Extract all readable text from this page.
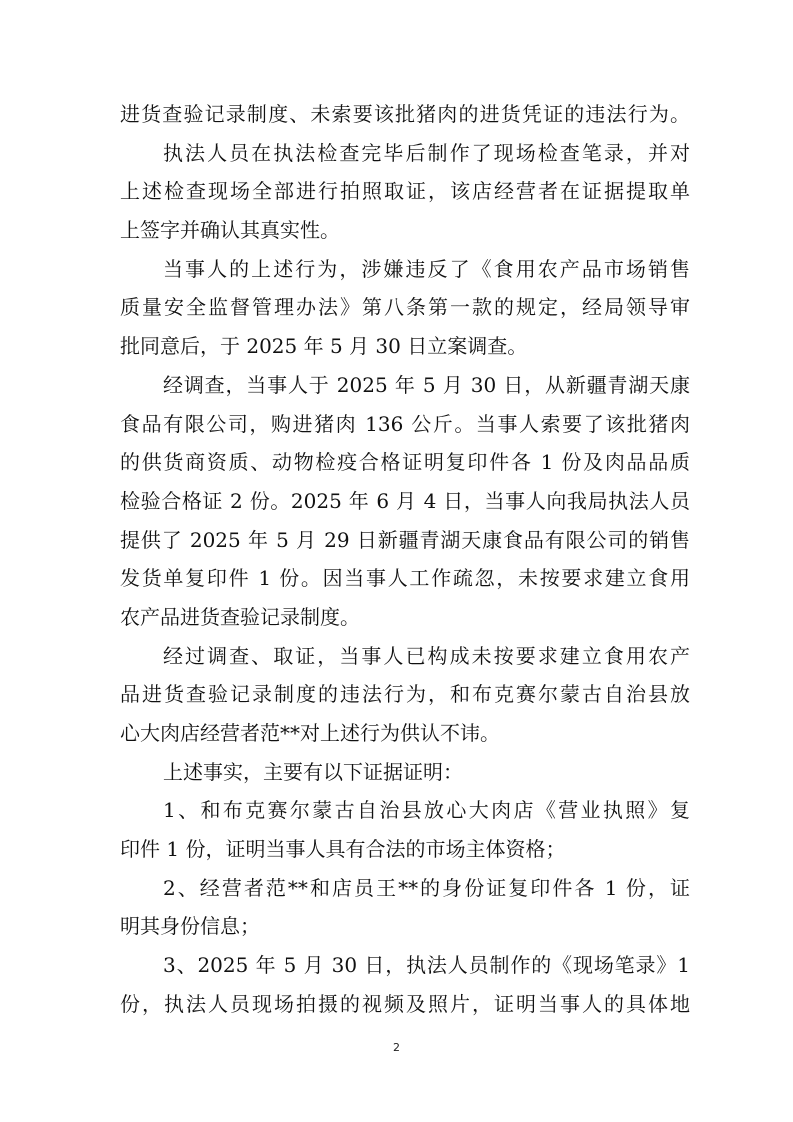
进货查验记录制度、未索要该批猪肉的进货凭证的违法行为。
执法人员在执法检查完毕后制作了现场检查笔录，并对
上述检查现场全部进行拍照取证，该店经营者在证据提取单
上签字并确认其真实性。
当事人的上述行为，涉嫌违反了《食用农产品市场销售
质量安全监督管理办法》第八条第一款的规定，经局领导审
批同意后，于 2025 年 5 月 30 日立案调查。
经调查，当事人于 2025 年 5 月 30 日，从新疆青湖天康
食品有限公司，购进猪肉 136 公斤。当事人索要了该批猪肉
的供货商资质、动物检疫合格证明复印件各 1 份及肉品品质
检验合格证 2 份。2025 年 6 月 4 日，当事人向我局执法人员
提供了 2025 年 5 月 29 日新疆青湖天康食品有限公司的销售
发货单复印件 1 份。因当事人工作疏忽，未按要求建立食用
农产品进货查验记录制度。
经过调查、取证，当事人已构成未按要求建立食用农产
品进货查验记录制度的违法行为，和布克赛尔蒙古自治县放
心大肉店经营者范**对上述行为供认不讳。
上述事实，主要有以下证据证明：
1、和布克赛尔蒙古自治县放心大肉店《营业执照》复
印件 1 份，证明当事人具有合法的市场主体资格；
2、经营者范**和店员王**的身份证复印件各 1 份，证
明其身份信息；
3、2025 年 5 月 30 日，执法人员制作的《现场笔录》1
份，执法人员现场拍摄的视频及照片，证明当事人的具体地
2
